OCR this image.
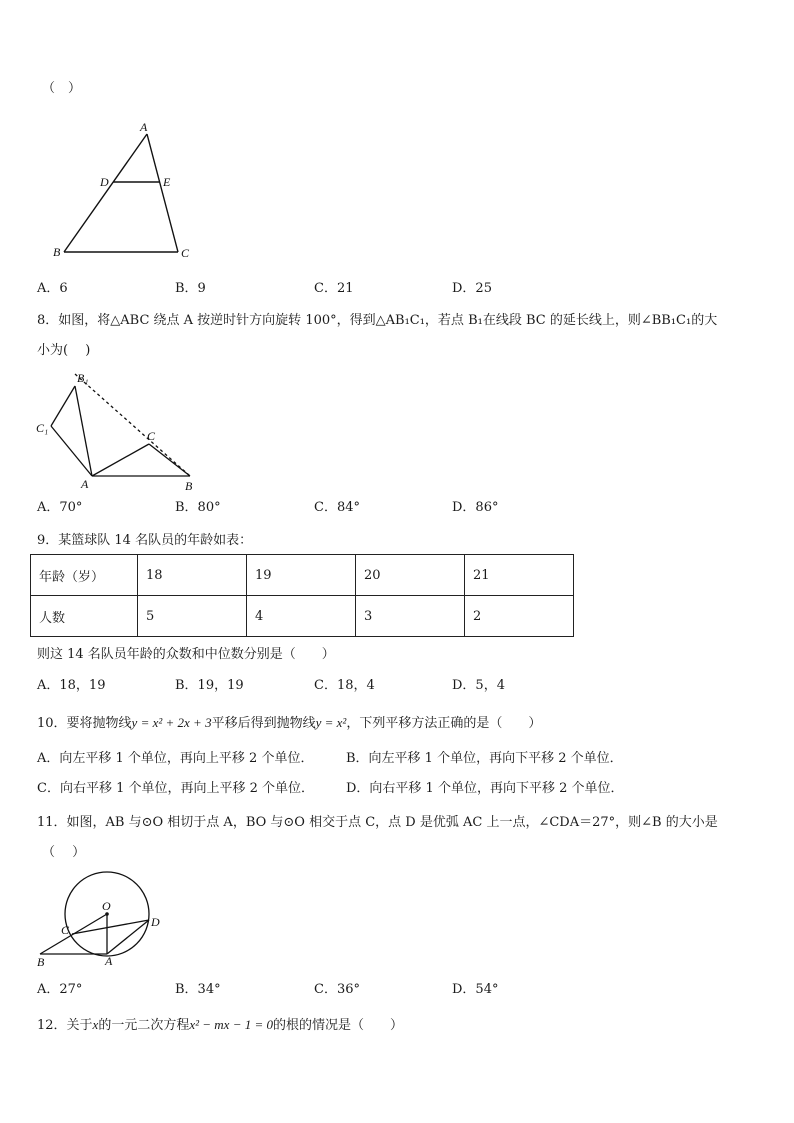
（　）
A
D	E
B	C
A．6	B．9	C．21	D．25
8．如图，将△ABC 绕点 A 按逆时针方向旋转 100°，得到△AB₁C₁，若点 B₁在线段 BC 的延长线上，则∠BB₁C₁的大
小为(　 )
B₁
C₁
C
A	B
A．70°	B．80°	C．84°	D．86°
9．某篮球队 14 名队员的年龄如表：
年龄（岁）	18	19	20	21
人数	5	4	3	2
则这 14 名队员年龄的众数和中位数分别是（　　）
A．18，19	B．19，19	C．18，4	D．5，4
10．要将抛物线y = x² + 2x + 3平移后得到抛物线y = x²，下列平移方法正确的是（　　）
A．向左平移 1 个单位，再向上平移 2 个单位．	B．向左平移 1 个单位，再向下平移 2 个单位．
C．向右平移 1 个单位，再向上平移 2 个单位． D．向右平移 1 个单位，再向下平移 2 个单位．
11．如图，AB 与⊙O 相切于点 A，BO 与⊙O 相交于点 C，点 D 是优弧 AC 上一点，∠CDA＝27°，则∠B 的大小是
（　 ）
O
C
D
B	A
A．27°	B．34°	C．36°	D．54°
12．关于x的一元二次方程x² − mx − 1 = 0的根的情况是（　　）
